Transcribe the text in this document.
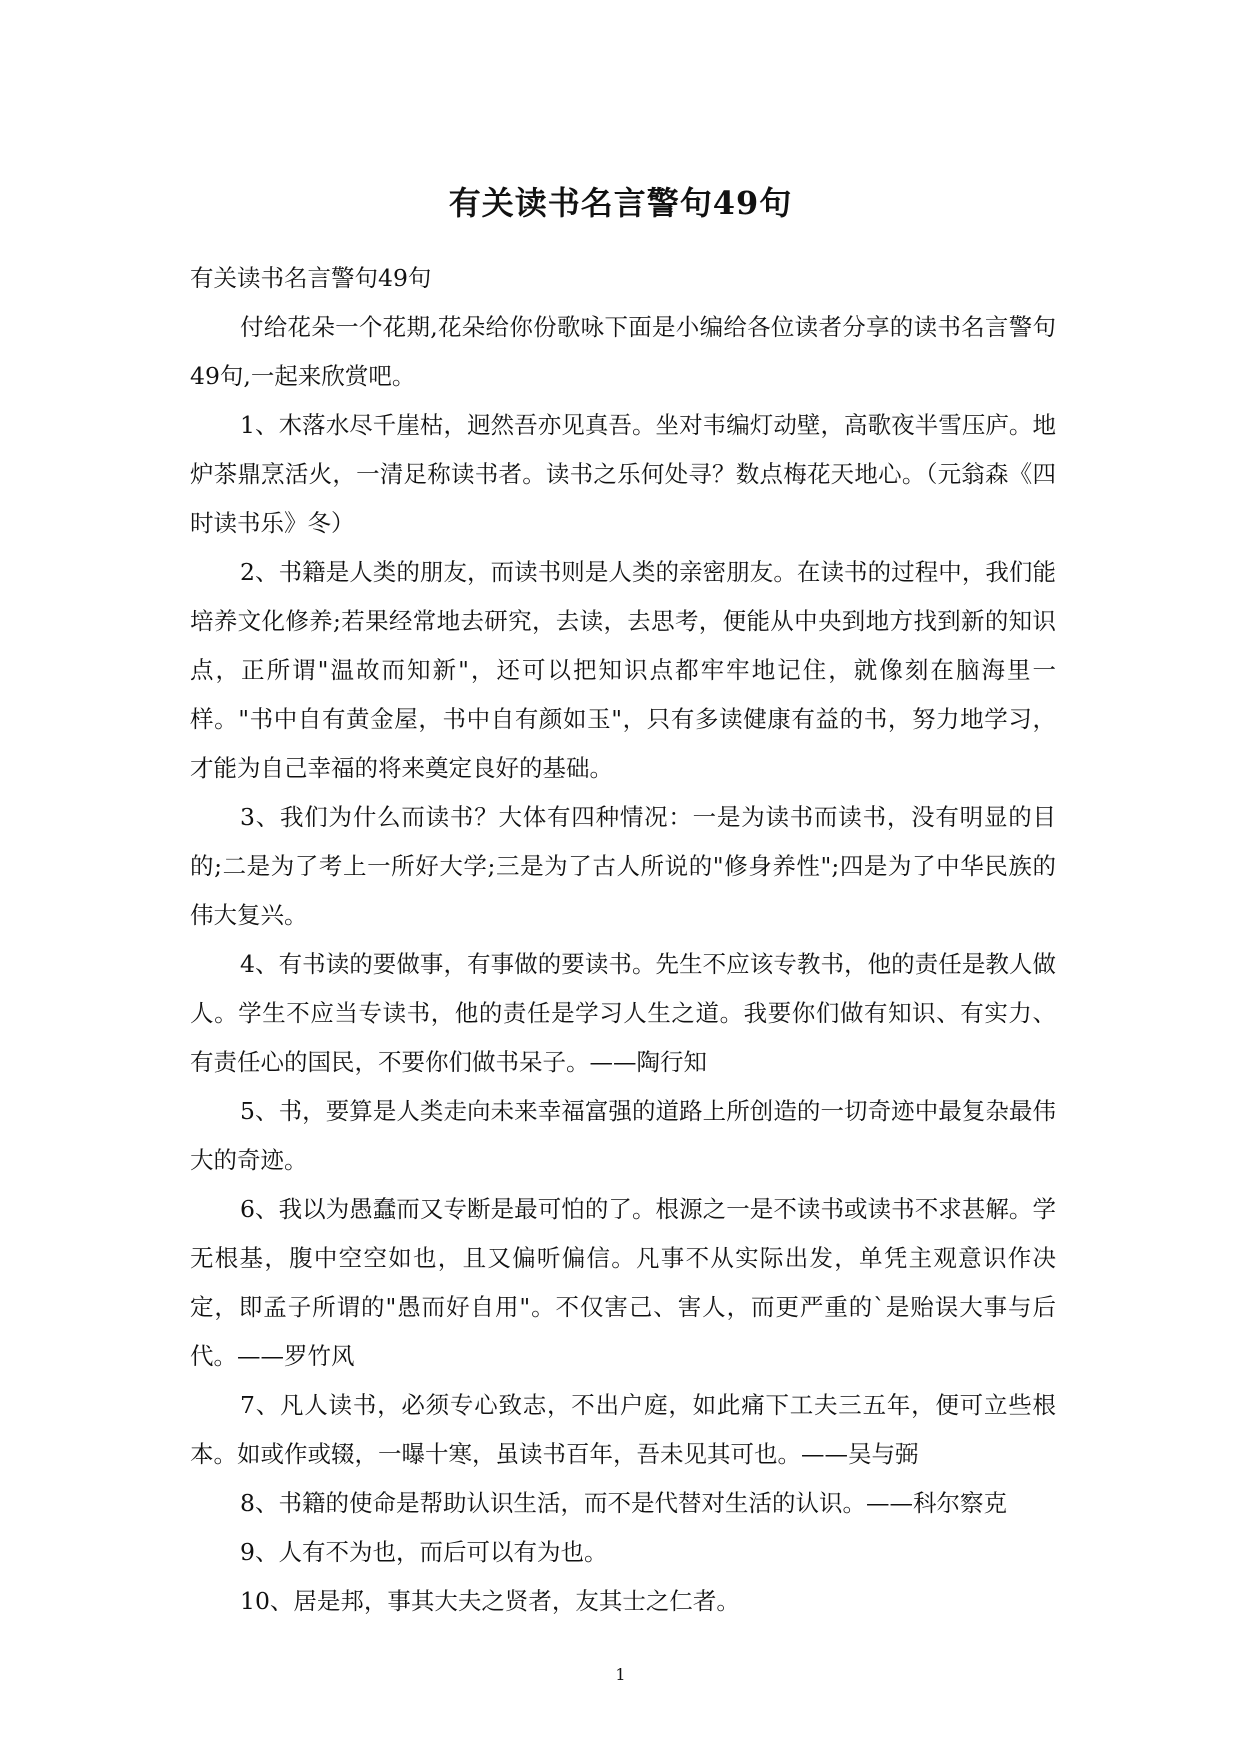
有关读书名言警句49句

有关读书名言警句49句

付给花朵一个花期,花朵给你份歌咏下面是小编给各位读者分享的读书名言警句49句,一起来欣赏吧。

1、木落水尽千崖枯，迥然吾亦见真吾。坐对韦编灯动壁，高歌夜半雪压庐。地炉茶鼎烹活火，一清足称读书者。读书之乐何处寻？数点梅花天地心。（元翁森《四时读书乐》冬）

2、书籍是人类的朋友，而读书则是人类的亲密朋友。在读书的过程中，我们能培养文化修养;若果经常地去研究，去读，去思考，便能从中央到地方找到新的知识点，正所谓"温故而知新"，还可以把知识点都牢牢地记住，就像刻在脑海里一样。"书中自有黄金屋，书中自有颜如玉"，只有多读健康有益的书，努力地学习，才能为自己幸福的将来奠定良好的基础。

3、我们为什么而读书？大体有四种情况：一是为读书而读书，没有明显的目的;二是为了考上一所好大学;三是为了古人所说的"修身养性";四是为了中华民族的伟大复兴。

4、有书读的要做事，有事做的要读书。先生不应该专教书，他的责任是教人做人。学生不应当专读书，他的责任是学习人生之道。我要你们做有知识、有实力、有责任心的国民，不要你们做书呆子。——陶行知

5、书，要算是人类走向未来幸福富强的道路上所创造的一切奇迹中最复杂最伟大的奇迹。

6、我以为愚蠢而又专断是最可怕的了。根源之一是不读书或读书不求甚解。学无根基，腹中空空如也，且又偏听偏信。凡事不从实际出发，单凭主观意识作决定，即孟子所谓的"愚而好自用"。不仅害己、害人，而更严重的`是贻误大事与后代。——罗竹风

7、凡人读书，必须专心致志，不出户庭，如此痛下工夫三五年，便可立些根本。如或作或辍，一曝十寒，虽读书百年，吾未见其可也。——吴与弼

8、书籍的使命是帮助认识生活，而不是代替对生活的认识。——科尔察克

9、人有不为也，而后可以有为也。

10、居是邦，事其大夫之贤者，友其士之仁者。

1
